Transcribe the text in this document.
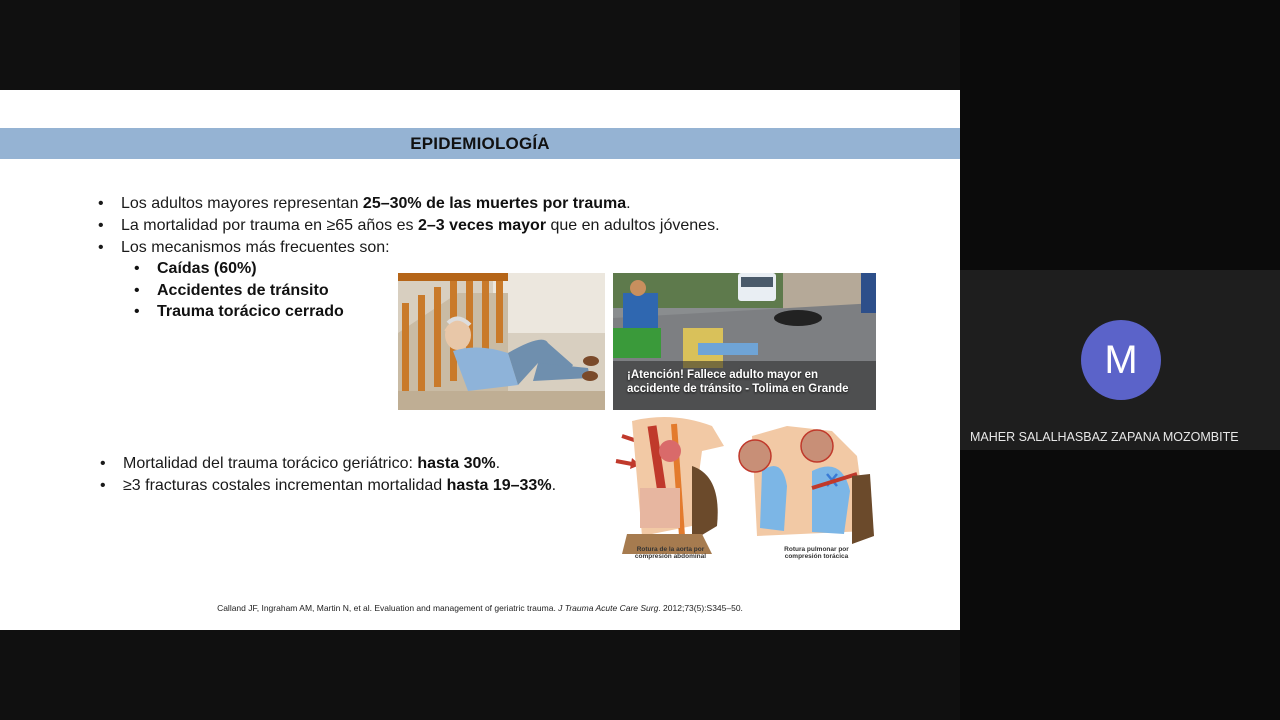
EPIDEMIOLOGÍA
• Los adultos mayores representan 25–30% de las muertes por trauma.
• La mortalidad por trauma en ≥65 años es 2–3 veces mayor que en adultos jóvenes.
• Los mecanismos más frecuentes son:
• Caídas (60%)
• Accidentes de tránsito
• Trauma torácico cerrado
¡Atención! Fallece adulto mayor en accidente de tránsito - Tolima en Grande
• Mortalidad del trauma torácico geriátrico: hasta 30%.
• ≥3 fracturas costales incrementan mortalidad hasta 19–33%.
Rotura de la aorta por compresión abdominal
Rotura pulmonar por compresión torácica
Calland JF, Ingraham AM, Martin N, et al. Evaluation and management of geriatric trauma. J Trauma Acute Care Surg. 2012;73(5):S345–50.
M
MAHER SALALHASBAZ ZAPANA MOZOMBITE
